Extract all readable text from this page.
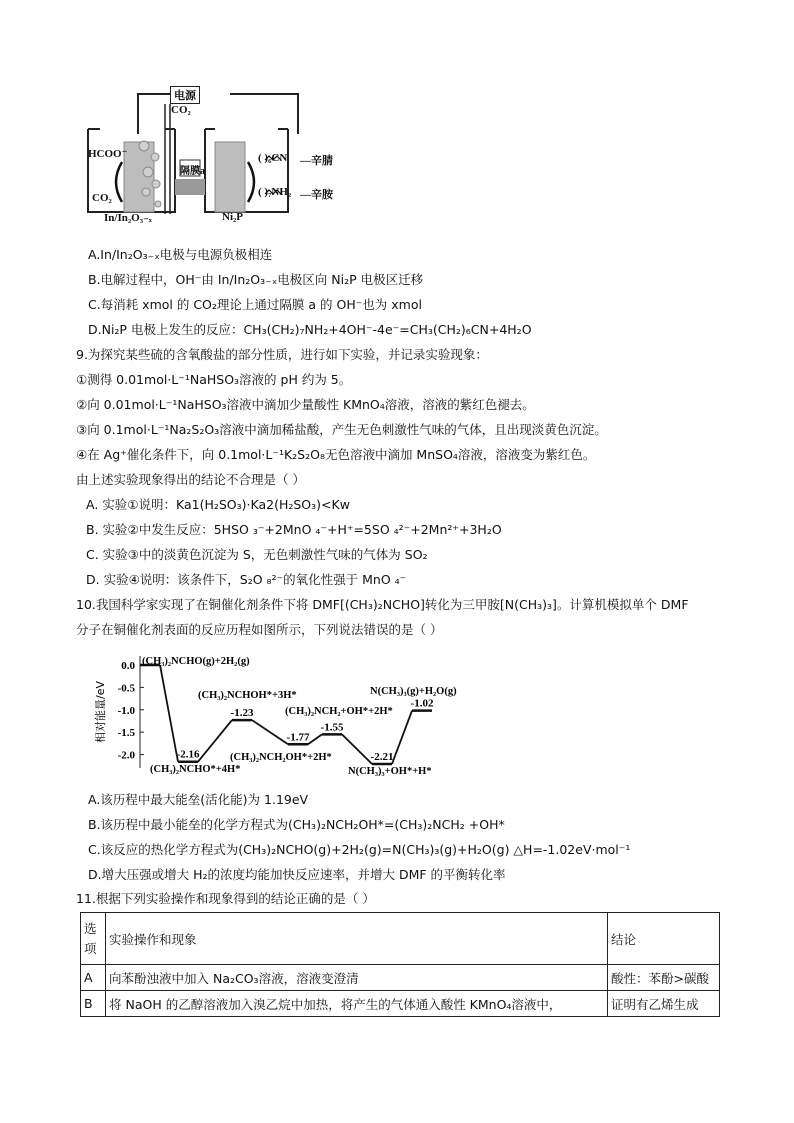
电源
CO₂
HCOO⁻
CO₂
隔膜a
In/In₂O₃₋ₓ	Ni₂P
( )₆CN
( )₇NH₂
—辛腈
—辛胺
A.In/In₂O₃₋ₓ电极与电源负极相连
B.电解过程中，OH⁻由 In/In₂O₃₋ₓ电极区向 Ni₂P 电极区迁移
C.每消耗 xmol 的 CO₂理论上通过隔膜 a 的 OH⁻也为 xmol
D.Ni₂P 电极上发生的反应：CH₃(CH₂)₇NH₂+4OH⁻-4e⁻=CH₃(CH₂)₆CN+4H₂O
9.为探究某些硫的含氧酸盐的部分性质，进行如下实验，并记录实验现象：
①测得 0.01mol·L⁻¹NaHSO₃溶液的 pH 约为 5。
②向 0.01mol·L⁻¹NaHSO₃溶液中滴加少量酸性 KMnO₄溶液，溶液的紫红色褪去。
③向 0.1mol·L⁻¹Na₂S₂O₃溶液中滴加稀盐酸，产生无色刺激性气味的气体，且出现淡黄色沉淀。
④在 Ag⁺催化条件下，向 0.1mol·L⁻¹K₂S₂O₈无色溶液中滴加 MnSO₄溶液，溶液变为紫红色。
由上述实验现象得出的结论不合理是（ ）
A. 实验①说明：Ka1(H₂SO₃)·Ka2(H₂SO₃)<Kw
B. 实验②中发生反应：5HSO ₃⁻+2MnO ₄⁻+H⁺=5SO ₄²⁻+2Mn²⁺+3H₂O
C. 实验③中的淡黄色沉淀为 S，无色刺激性气味的气体为 SO₂
D. 实验④说明：该条件下，S₂O ₈²⁻的氧化性强于 MnO ₄⁻
10.我国科学家实现了在铜催化剂条件下将 DMF[(CH₃)₂NCHO]转化为三甲胺[N(CH₃)₃]。计算机模拟单个 DMF
分子在铜催化剂表面的反应历程如图所示，下列说法错误的是（ ）
0.0
-0.5
-1.0
-1.5
-2.0
相对能量/eV
-2.16
-1.23
-1.77
-1.55
-2.21
-1.02
(CH₃)₂NCHO(g)+2H₂(g)
(CH₃)₂NCHO*+4H*
(CH₃)₂NCHOH*+3H*
(CH₃)₂NCH₂OH*+2H*
(CH₃)₂NCH₂+OH*+2H*
N(CH₃)₃+OH*+H*
N(CH₃)₃(g)+H₂O(g)
A.该历程中最大能垒(活化能)为 1.19eV
B.该历程中最小能垒的化学方程式为(CH₃)₂NCH₂OH*=(CH₃)₂NCH₂ +OH*
C.该反应的热化学方程式为(CH₃)₂NCHO(g)+2H₂(g)=N(CH₃)₃(g)+H₂O(g) △H=-1.02eV·mol⁻¹
D.增大压强或增大 H₂的浓度均能加快反应速率，并增大 DMF 的平衡转化率
11.根据下列实验操作和现象得到的结论正确的是（ ）
选项	实验操作和现象	结论
A	向苯酚浊液中加入 Na₂CO₃溶液，溶液变澄清	酸性：苯酚>碳酸
B	将 NaOH 的乙醇溶液加入溴乙烷中加热，将产生的气体通入酸性 KMnO₄溶液中，	证明有乙烯生成
